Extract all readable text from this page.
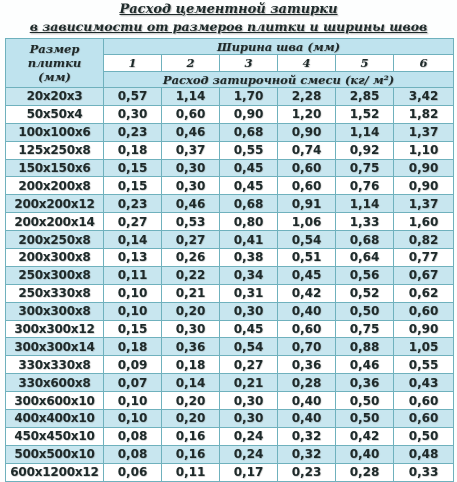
Расход цементной затирки
в зависимости от размеров плитки и ширины швов
Размер плитки (мм)	Ширина шва (мм)					
	1	2	3	4	5	6
	Расход затирочной смеси (кг/ м²)					
20х20х3	0,57	1,14	1,70	2,28	2,85	3,42
50х50х4	0,30	0,60	0,90	1,20	1,52	1,82
100х100х6	0,23	0,46	0,68	0,90	1,14	1,37
125х250х8	0,18	0,37	0,55	0,74	0,92	1,10
150х150х6	0,15	0,30	0,45	0,60	0,75	0,90
200х200х8	0,15	0,30	0,45	0,60	0,76	0,90
200х200х12	0,23	0,46	0,68	0,91	1,14	1,37
200х200х14	0,27	0,53	0,80	1,06	1,33	1,60
200х250х8	0,14	0,27	0,41	0,54	0,68	0,82
200х300х8	0,13	0,26	0,38	0,51	0,64	0,77
250х300х8	0,11	0,22	0,34	0,45	0,56	0,67
250х330х8	0,10	0,21	0,31	0,42	0,52	0,62
300х300х8	0,10	0,20	0,30	0,40	0,50	0,60
300х300х12	0,15	0,30	0,45	0,60	0,75	0,90
300х300х14	0,18	0,36	0,54	0,70	0,88	1,05
330х330х8	0,09	0,18	0,27	0,36	0,46	0,55
330х600х8	0,07	0,14	0,21	0,28	0,36	0,43
300х600х10	0,10	0,20	0,30	0,40	0,50	0,60
400х400х10	0,10	0,20	0,30	0,40	0,50	0,60
450х450х10	0,08	0,16	0,24	0,32	0,42	0,50
500х500х10	0,08	0,16	0,24	0,32	0,40	0,48
600х1200х12	0,06	0,11	0,17	0,23	0,28	0,33
